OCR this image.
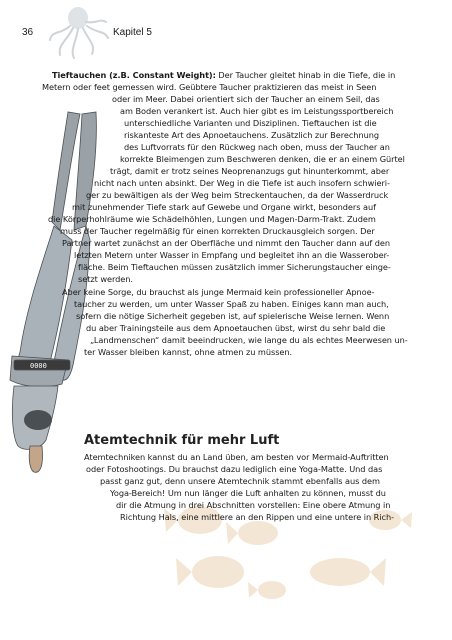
36	Kapitel 5
Tieftauchen (z.B. Constant Weight): Der Taucher gleitet hinab in die Tiefe, die in
Metern oder feet gemessen wird. Geübtere Taucher praktizieren das meist in Seen
oder im Meer. Dabei orientiert sich der Taucher an einem Seil, das
am Boden verankert ist. Auch hier gibt es im Leistungssportbereich
unterschiedliche Varianten und Disziplinen. Tieftauchen ist die
riskanteste Art des Apnoetauchens. Zusätzlich zur Berechnung
des Luftvorrats für den Rückweg nach oben, muss der Taucher an
korrekte Bleimengen zum Beschweren denken, die er an einem Gürtel
trägt, damit er trotz seines Neoprenanzugs gut hinunterkommt, aber
nicht nach unten absinkt. Der Weg in die Tiefe ist auch insofern schwieri-
ger zu bewältigen als der Weg beim Streckentauchen, da der Wasserdruck
mit zunehmender Tiefe stark auf Gewebe und Organe wirkt, besonders auf
die Körperhohlräume wie Schädelhöhlen, Lungen und Magen-Darm-Trakt. Zudem
muss der Taucher regelmäßig für einen korrekten Druckausgleich sorgen. Der
Partner wartet zunächst an der Oberfläche und nimmt den Taucher dann auf den
letzten Metern unter Wasser in Empfang und begleitet ihn an die Wasserober-
fläche. Beim Tieftauchen müssen zusätzlich immer Sicherungstaucher einge-
setzt werden.
Aber keine Sorge, du brauchst als junge Mermaid kein professioneller Apnoe-
taucher zu werden, um unter Wasser Spaß zu haben. Einiges kann man auch,
sofern die nötige Sicherheit gegeben ist, auf spielerische Weise lernen. Wenn
du aber Trainingsteile aus dem Apnoetauchen übst, wirst du sehr bald die
„Landmenschen“ damit beeindrucken, wie lange du als echtes Meerwesen un-
ter Wasser bleiben kannst, ohne atmen zu müssen.
Atemtechnik für mehr Luft
Atemtechniken kannst du an Land üben, am besten vor Mermaid-Auftritten
oder Fotoshootings. Du brauchst dazu lediglich eine Yoga-Matte. Und das
passt ganz gut, denn unsere Atemtechnik stammt ebenfalls aus dem
Yoga-Bereich! Um nun länger die Luft anhalten zu können, musst du
dir die Atmung in drei Abschnitten vorstellen: Eine obere Atmung in
Richtung Hals, eine mittlere an den Rippen und eine untere in Rich-
0000
